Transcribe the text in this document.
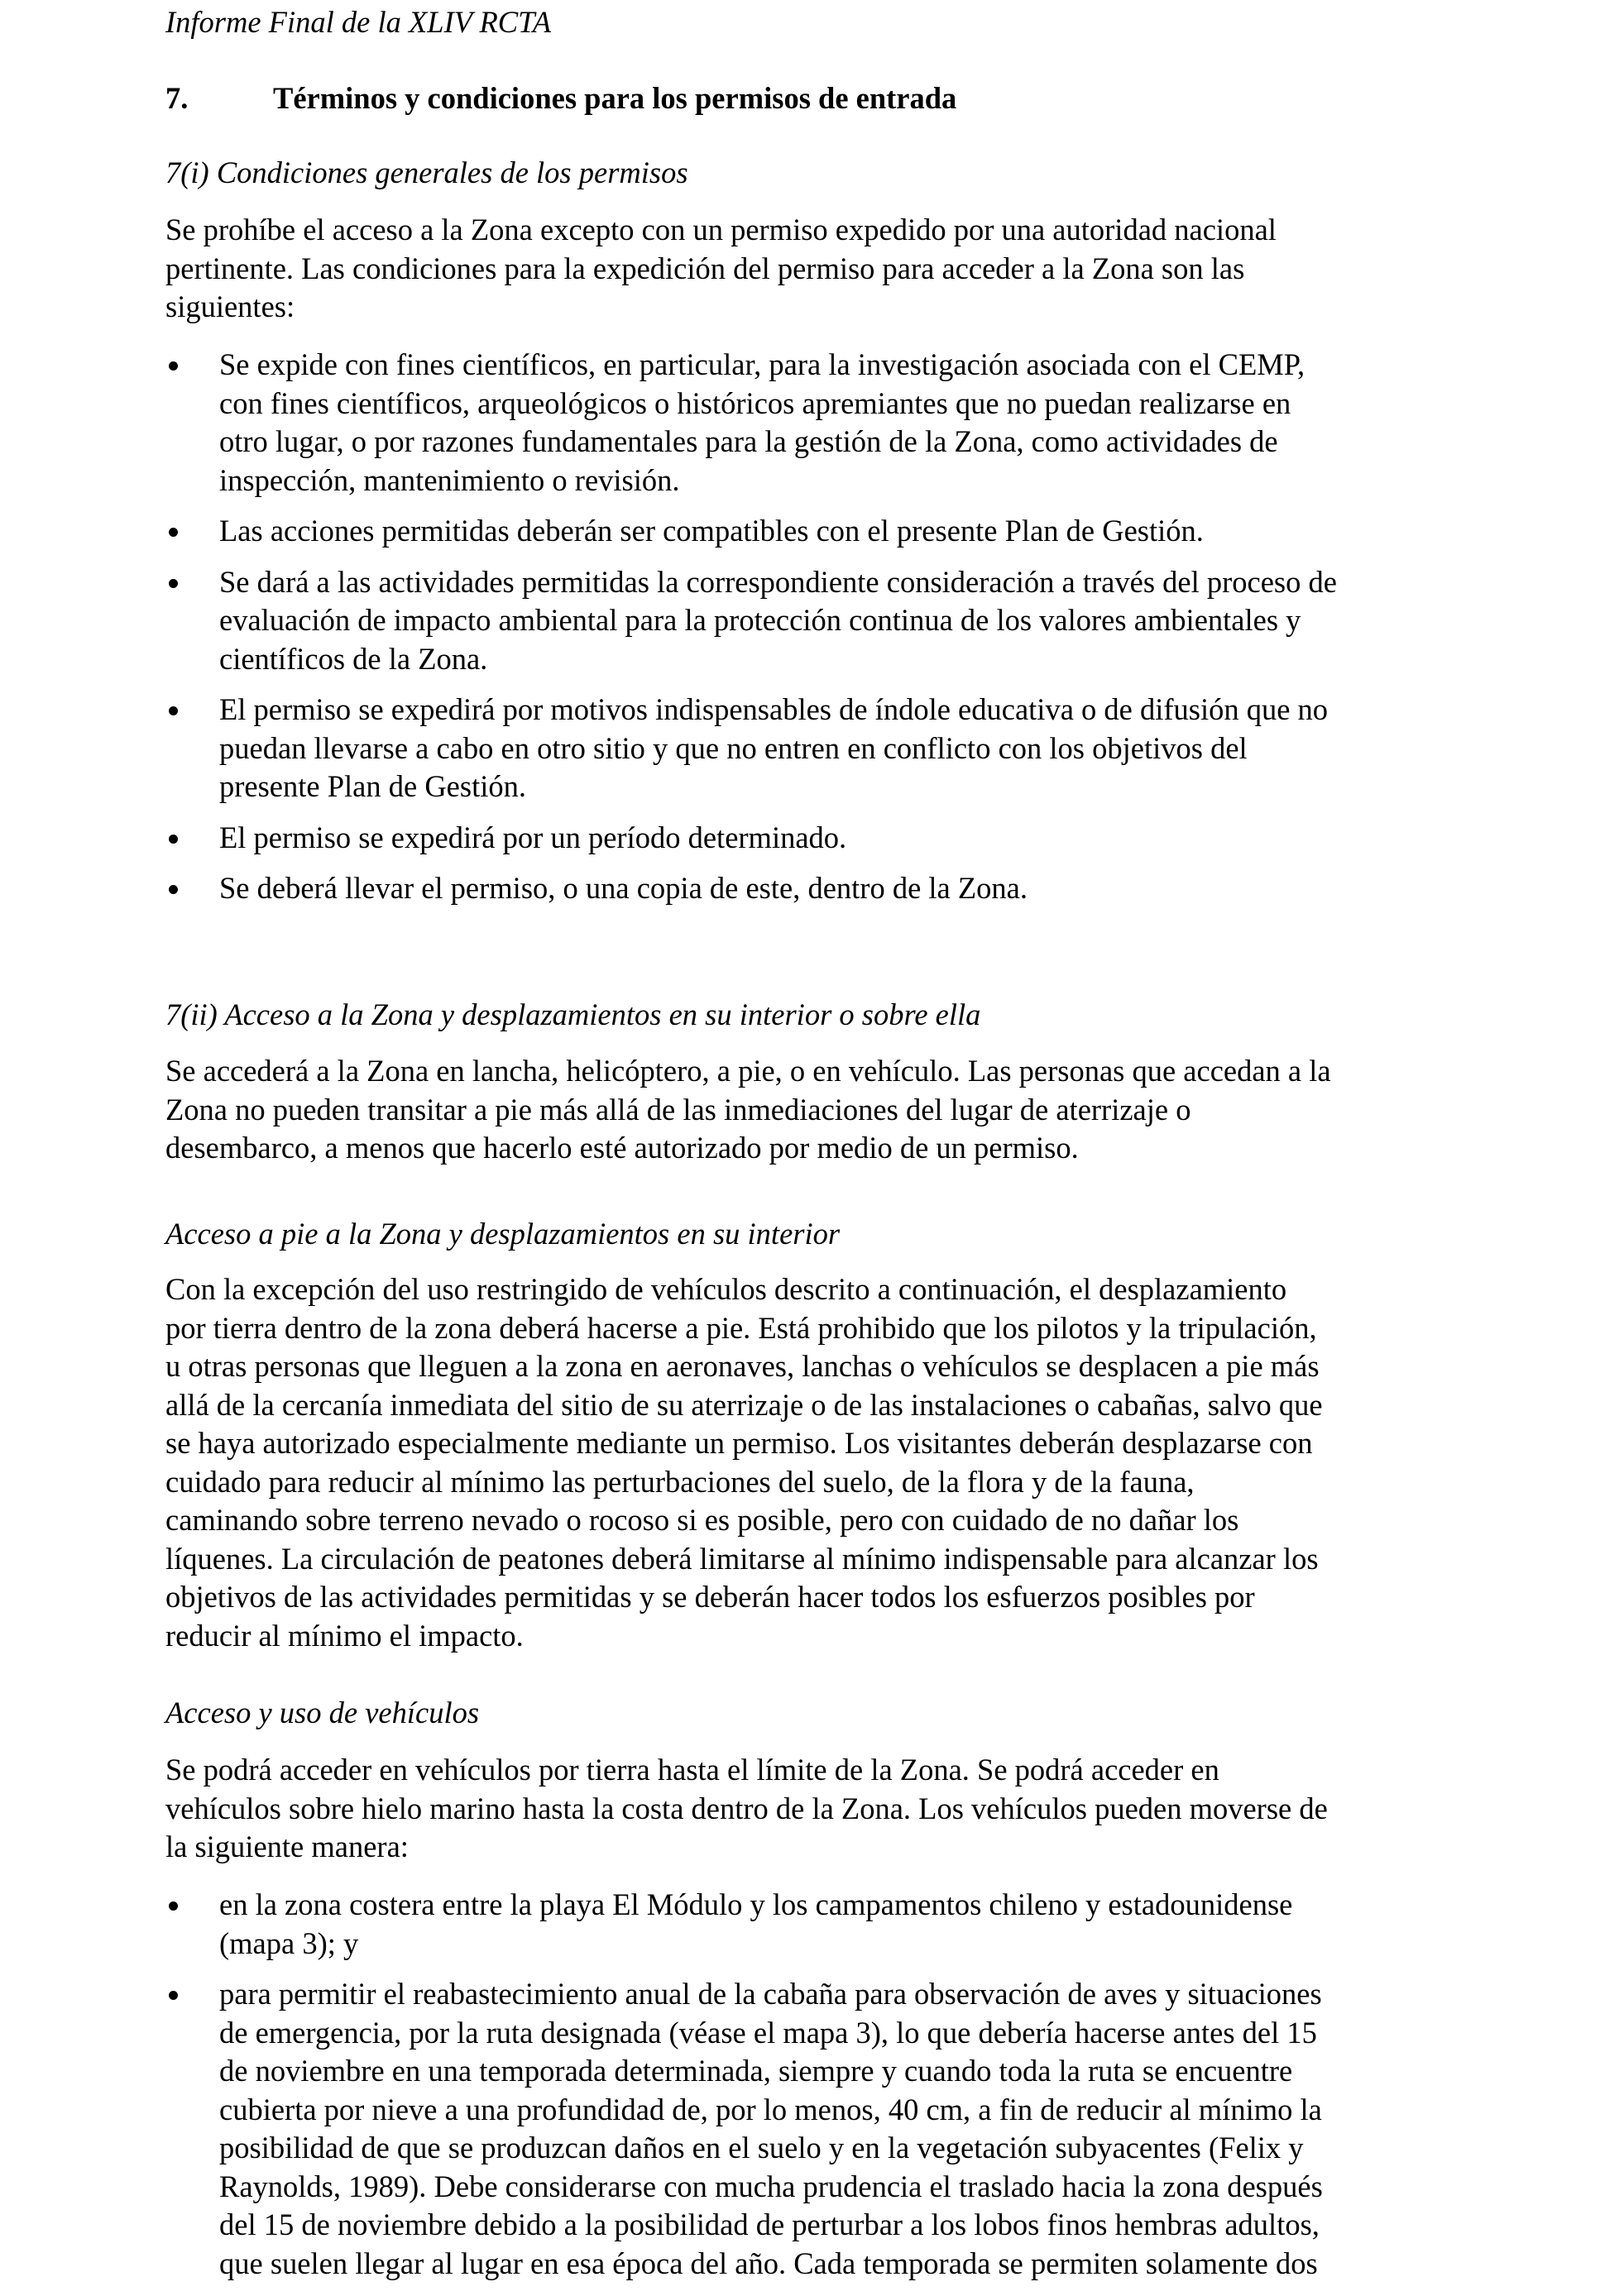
Informe Final de la XLIV RCTA
7.	Términos y condiciones para los permisos de entrada
7(i) Condiciones generales de los permisos
Se prohíbe el acceso a la Zona excepto con un permiso expedido por una autoridad nacional
pertinente. Las condiciones para la expedición del permiso para acceder a la Zona son las
siguientes:
Se expide con fines científicos, en particular, para la investigación asociada con el CEMP,
con fines científicos, arqueológicos o históricos apremiantes que no puedan realizarse en
otro lugar, o por razones fundamentales para la gestión de la Zona, como actividades de
inspección, mantenimiento o revisión.
Las acciones permitidas deberán ser compatibles con el presente Plan de Gestión.
Se dará a las actividades permitidas la correspondiente consideración a través del proceso de
evaluación de impacto ambiental para la protección continua de los valores ambientales y
científicos de la Zona.
El permiso se expedirá por motivos indispensables de índole educativa o de difusión que no
puedan llevarse a cabo en otro sitio y que no entren en conflicto con los objetivos del
presente Plan de Gestión.
El permiso se expedirá por un período determinado.
Se deberá llevar el permiso, o una copia de este, dentro de la Zona.
7(ii) Acceso a la Zona y desplazamientos en su interior o sobre ella
Se accederá a la Zona en lancha, helicóptero, a pie, o en vehículo. Las personas que accedan a la
Zona no pueden transitar a pie más allá de las inmediaciones del lugar de aterrizaje o
desembarco, a menos que hacerlo esté autorizado por medio de un permiso.
Acceso a pie a la Zona y desplazamientos en su interior
Con la excepción del uso restringido de vehículos descrito a continuación, el desplazamiento
por tierra dentro de la zona deberá hacerse a pie. Está prohibido que los pilotos y la tripulación,
u otras personas que lleguen a la zona en aeronaves, lanchas o vehículos se desplacen a pie más
allá de la cercanía inmediata del sitio de su aterrizaje o de las instalaciones o cabañas, salvo que
se haya autorizado especialmente mediante un permiso. Los visitantes deberán desplazarse con
cuidado para reducir al mínimo las perturbaciones del suelo, de la flora y de la fauna,
caminando sobre terreno nevado o rocoso si es posible, pero con cuidado de no dañar los
líquenes. La circulación de peatones deberá limitarse al mínimo indispensable para alcanzar los
objetivos de las actividades permitidas y se deberán hacer todos los esfuerzos posibles por
reducir al mínimo el impacto.
Acceso y uso de vehículos
Se podrá acceder en vehículos por tierra hasta el límite de la Zona. Se podrá acceder en
vehículos sobre hielo marino hasta la costa dentro de la Zona. Los vehículos pueden moverse de
la siguiente manera:
en la zona costera entre la playa El Módulo y los campamentos chileno y estadounidense
(mapa 3); y
para permitir el reabastecimiento anual de la cabaña para observación de aves y situaciones
de emergencia, por la ruta designada (véase el mapa 3), lo que debería hacerse antes del 15
de noviembre en una temporada determinada, siempre y cuando toda la ruta se encuentre
cubierta por nieve a una profundidad de, por lo menos, 40 cm, a fin de reducir al mínimo la
posibilidad de que se produzcan daños en el suelo y en la vegetación subyacentes (Felix y
Raynolds, 1989). Debe considerarse con mucha prudencia el traslado hacia la zona después
del 15 de noviembre debido a la posibilidad de perturbar a los lobos finos hembras adultos,
que suelen llegar al lugar en esa época del año. Cada temporada se permiten solamente dos
